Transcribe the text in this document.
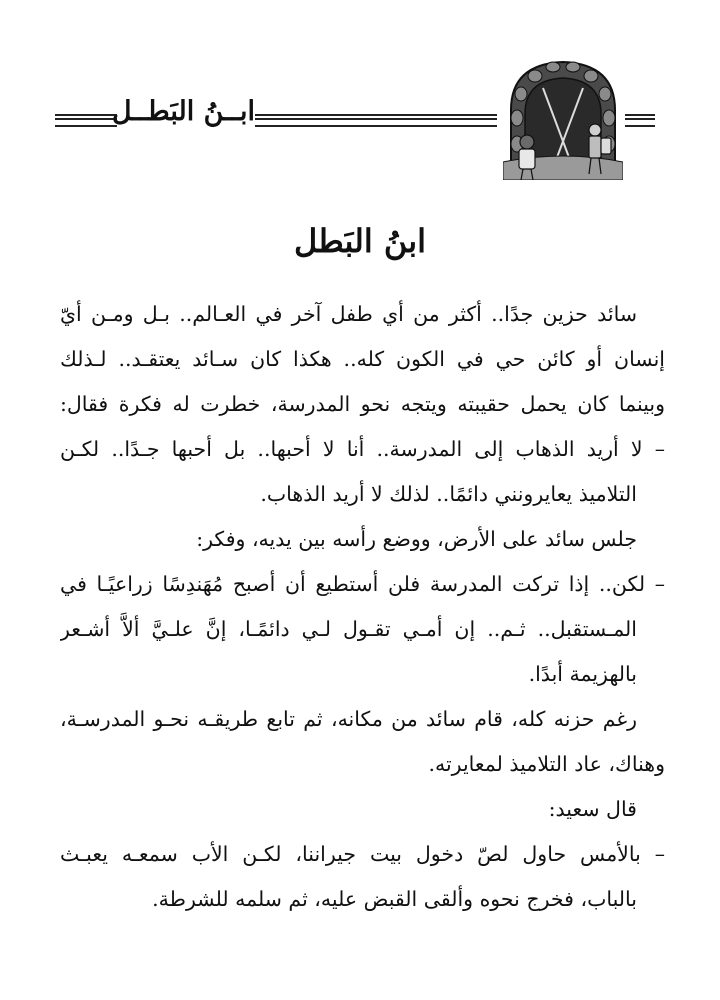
ابــنُ البَطــل
ابنُ البَطل
سائد حزين جدًا.. أكثر من أي طفل آخر في العـالم.. بـل ومـن أيّ
إنسان أو كائن حي في الكون كله.. هكذا كان سـائد يعتقـد.. لـذلك
وبينما كان يحمل حقيبته ويتجه نحو المدرسة، خطرت له فكرة فقال:
– لا أريد الذهاب إلى المدرسة.. أنا لا أحبها.. بل أحبها جـدًا.. لكـن
التلاميذ يعايرونني دائمًا.. لذلك لا أريد الذهاب.
جلس سائد على الأرض، ووضع رأسه بين يديه، وفكر:
– لكن.. إذا تركت المدرسة فلن أستطيع أن أصبح مُهَندِسًا زراعيًـا في
المـستقبل.. ثـم.. إن أمـي تقـول لـي دائمًـا، إنَّ علـيَّ ألاَّ أشـعر
بالهزيمة أبدًا.
رغم حزنه كله، قام سائد من مكانه، ثم تابع طريقـه نحـو المدرسـة،
وهناك، عاد التلاميذ لمعايرته.
قال سعيد:
– بالأمس حاول لصّ دخول بيت جيراننا، لكـن الأب سمعـه يعبـث
بالباب، فخرج نحوه وألقى القبض عليه، ثم سلمه للشرطة.
